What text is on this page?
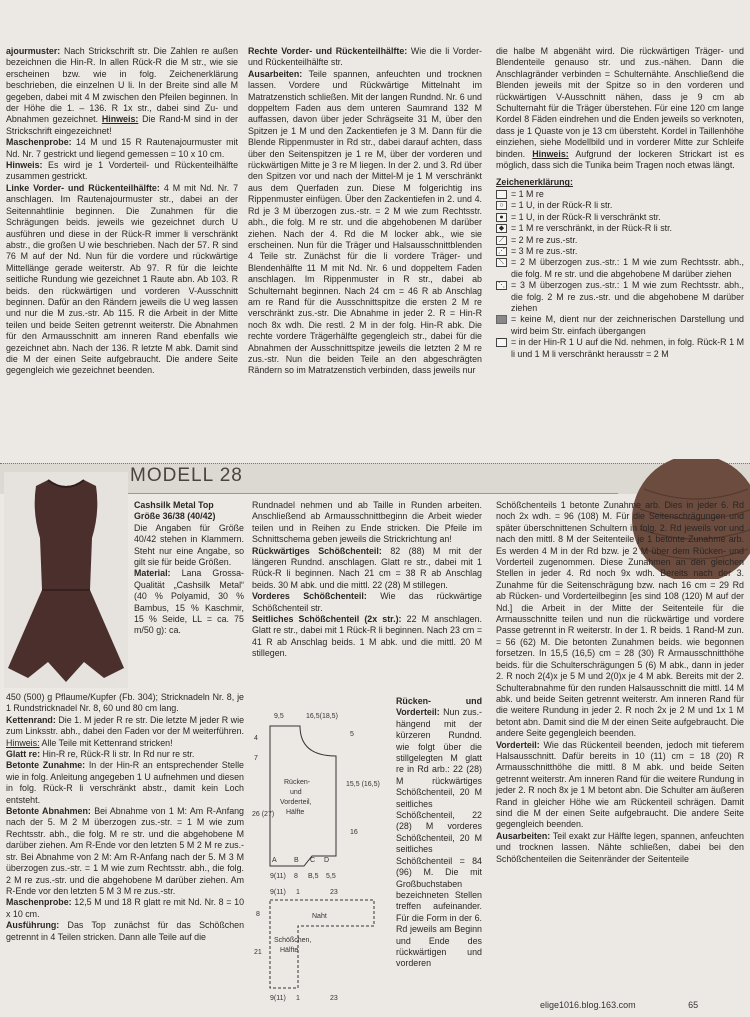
ajourmuster: Nach Strickschrift str. Die Zahlen re außen bezeichnen die Hin-R. In allen Rück-R die M str., wie sie erscheinen bzw. wie in folg. Zeichenerklärung beschrieben, die einzelnen U li. In der Breite sind alle M gegeben, dabei mit 4 M zwischen den Pfeilen beginnen. In der Höhe die 1. – 136. R 1x str., dabei sind Zu- und Abnahmen gezeichnet. Hinweis: Die Rand-M sind in der Strickschrift eingezeichnet!

Maschenprobe: 14 M und 15 R Rautenajourmuster mit Nd. Nr. 7 gestrickt und liegend gemessen = 10 x 10 cm.

Hinweis: Es wird je 1 Vorderteil- und Rückenteilhälfte zusammen gestrickt.

Linke Vorder- und Rückenteilhälfte: 4 M mit Nd. Nr. 7 anschlagen. Im Rautenajourmuster str., dabei an der Seitennahtlinie beginnen. Die Zunahmen für die Schrägungen beids. jeweils wie gezeichnet durch U ausführen und diese in der Rück-R immer li verschränkt abstr., die großen U wie beschrieben. Nach der 57. R sind 76 M auf der Nd. Nun für die vordere und rückwärtige Mittellänge gerade weiterstr. Ab 97. R für die leichte seitliche Rundung wie gezeichnet 1 Raute abn. Ab 103. R beids. den rückwärtigen und vorderen V-Ausschnitt beginnen. Dafür an den Rändern jeweils die U weg lassen und nur die M zus.-str. Ab 115. R die Arbeit in der Mitte teilen und beide Seiten getrennt weiterstr. Die Abnahmen für den Armausschnitt am inneren Rand ebenfalls wie gezeichnet abn. Nach der 136. R letzte M abk. Damit sind die M der einen Seite aufgebraucht. Die andere Seite gegengleich wie gezeichnet beenden.

Rechte Vorder- und Rückenteilhälfte: Wie die li Vorder- und Rückenteilhälfte str.

Ausarbeiten: Teile spannen, anfeuchten und trocknen lassen. Vordere und Rückwärtige Mittelnaht im Matratzenstich schließen. Mit der langen Rundnd. Nr. 6 und doppeltem Faden aus dem unteren Saumrand 132 M auffassen, davon über jeder Schrägseite 31 M, über den Spitzen je 1 M und den Zackentiefen je 3 M. Dann für die Blende Rippenmuster in Rd str., dabei darauf achten, dass über den Seitenspitzen je 1 re M, über der vorderen und rückwärtigen Mitte je 3 re M liegen. In der 2. und 3. Rd über den Spitzen vor und nach der Mittel-M je 1 M verschränkt aus dem Querfaden zun. Diese M folgerichtig ins Rippenmuster einfügen. Über den Zackentiefen in 2. und 4. Rd je 3 M überzogen zus.-str. = 2 M wie zum Rechtsstr. abh., die folg. M re str. und die abgehobenen M darüber ziehen. Nach der 4. Rd die M locker abk., wie sie erscheinen. Nun für die Träger und Halsausschnittblenden 4 Teile str. Zunächst für die li vordere Träger- und Blendenhälfte 11 M mit Nd. Nr. 6 und doppeltem Faden anschlagen. Im Rippenmuster in R str., dabei ab Schulternaht beginnen. Nach 24 cm = 46 R ab Anschlag am re Rand für die Ausschnittspitze die ersten 2 M re verschränkt zus.-str. Die Abnahme in jeder 2. R = Hin-R noch 8x wdh. Die restl. 2 M in der folg. Hin-R abk. Die rechte vordere Trägerhälfte gegengleich str., dabei für die Abnahmen der Ausschnittspitze jeweils die letzten 2 M re zus.-str. Nun die beiden Teile an den abgeschrägten Rändern so im Matratzenstich verbinden, dass jeweils nur

die halbe M abgenäht wird. Die rückwärtigen Träger- und Blendenteile genauso str. und zus.-nähen. Dann die Anschlagränder verbinden = Schulternähte. Anschließend die Blenden jeweils mit der Spitze so in den vorderen und rückwärtigen V-Ausschnitt nähen, dass je 9 cm ab Schulternaht für die Träger überstehen. Für eine 120 cm lange Kordel 8 Fäden eindrehen und die Enden jeweils so verknoten, dass je 1 Quaste von je 13 cm übersteht. Kordel in Taillenhöhe einziehen, siehe Modellbild und in vorderer Mitte zur Schleife binden. Hinweis: Aufgrund der lockeren Strickart ist es möglich, dass sich die Tunika beim Tragen noch etwas längt.

Zeichenerklärung:

= 1 M re
○ = 1 U, in der Rück-R li str.
● = 1 U, in der Rück-R li verschränkt str.
◆ = 1 M re verschränkt, in der Rück-R li str.
⟋ = 2 M re zus.-str.
⋰ = 3 M re zus.-str.
⟍ = 2 M überzogen zus.-str.: 1 M wie zum Rechtsstr. abh., die folg. M re str. und die abgehobene M darüber ziehen
⋱ = 3 M überzogen zus.-str.: 1 M wie zum Rechtsstr. abh., die folg. 2 M re zus.-str. und die abgehobene M darüber ziehen
= keine M, dient nur der zeichnerischen Darstellung und wird beim Str. einfach übergangen
⌒ = in der Hin-R 1 U auf die Nd. nehmen, in folg. Rück-R 1 M li und 1 M li verschränkt herausstr = 2 M
MODELL 28

Cashsilk Metal Top

Größe 36/38 (40/42)

Die Angaben für Größe 40/42 stehen in Klammern. Steht nur eine Angabe, so gilt sie für beide Größen.

Material: Lana Grossa-Qualität „Cashsilk Metal“ (40 % Polyamid, 30 % Bambus, 15 % Kaschmir, 15 % Seide, LL = ca. 75 m/50 g): ca.

450 (500) g Pflaume/Kupfer (Fb. 304); Stricknadeln Nr. 8, je 1 Rundstricknadel Nr. 8, 60 und 80 cm lang.

Kettenrand: Die 1. M jeder R re str. Die letzte M jeder R wie zum Linksstr. abh., dabei den Faden vor der M weiterführen. Hinweis: Alle Teile mit Kettenrand stricken!

Glatt re: Hin-R re, Rück-R li str. In Rd nur re str.

Betonte Zunahme: In der Hin-R an entsprechender Stelle wie in folg. Anleitung angegeben 1 U aufnehmen und diesen in folg. Rück-R li verschränkt abstr., damit kein Loch entsteht.

Betonte Abnahmen: Bei Abnahme von 1 M: Am R-Anfang nach der 5. M 2 M überzogen zus.-str. = 1 M wie zum Rechtsstr. abh., die folg. M re str. und die abgehobene M darüber ziehen. Am R-Ende vor den letzten 5 M 2 M re zus.-str. Bei Abnahme von 2 M: Am R-Anfang nach der 5. M 3 M überzogen zus.-str. = 1 M wie zum Rechtsstr. abh., die folg. 2 M re zus.-str. und die abgehobene M darüber ziehen. Am R-Ende vor den letzten 5 M 3 M re zus.-str.

Maschenprobe: 12,5 M und 18 R glatt re mit Nd. Nr. 8 = 10 x 10 cm.

Ausführung: Das Top zunächst für das Schößchen getrennt in 4 Teilen stricken. Dann alle Teile auf die

Rundnadel nehmen und ab Taille in Runden arbeiten. Anschließend ab Armausschnittbeginn die Arbeit wieder teilen und in Reihen zu Ende stricken. Die Pfeile im Schnittschema geben jeweils die Strickrichtung an!

Rückwärtiges Schößchenteil: 82 (88) M mit der längeren Rundnd. anschlagen. Glatt re str., dabei mit 1 Rück-R li beginnen. Nach 21 cm = 38 R ab Anschlag beids. 30 M abk. und die mittl. 22 (28) M stillegen.

Vorderes Schößchenteil: Wie das rückwärtige Schößchenteil str.

Seitliches Schößchenteil (2x str.): 22 M anschlagen. Glatt re str., dabei mit 1 Rück-R li beginnen. Nach 23 cm = 41 R ab Anschlag beids. 1 M abk. und die mittl. 20 M stillegen.

Rücken- und Vorderteil: Nun zus.-hängend mit der kürzeren Rundnd. wie folgt über die stillgelegten M glatt re in Rd arb.: 22 (28) M rückwärtiges Schößchenteil, 20 M seitliches Schößchenteil, 22 (28) M vorderes Schößchenteil, 20 M seitliches Schößchenteil = 84 (96) M. Die mit Großbuchstaben bezeichneten Stellen treffen aufeinander. Für die Form in der 6. Rd jeweils am Beginn und Ende des rückwärtigen und vorderen

9,5	16,5(18,5)
4
7
26 (27)
5
15,5 (16,5)
16
Rücken-
und
Vorderteil,
Hälfte
A B C D
9(11) 8 B,5 5,5
9(11) 1	23
Naht
Schößchen,
Hälfte
8
21
9(11) 1	23

Schößchenteils 1 betonte Zunahme arb. Dies in jeder 6. Rd noch 2x wdh. = 96 (108) M. Für die Seitenschrägungen und später überschnittenen Schultern in folg. 2. Rd jeweils vor und nach den mittl. 8 M der Seitenteile je 1 betonte Zunahme arb. Es werden 4 M in der Rd bzw. je 2 M über dem Rücken- und Vorderteil zugenommen. Diese Zunahmen an den gleichen Stellen in jeder 4. Rd noch 9x wdh. Bereits nach der 3. Zunahme für die Seitenschrägung bzw. nach 16 cm = 29 Rd ab Rücken- und Vorderteilbeginn [es sind 108 (120) M auf der Nd.] die Arbeit in der Mitte der Seitenteile für die Armausschnitte teilen und nun die rückwärtige und vordere Passe getrennt in R weiterstr. In der 1. R beids. 1 Rand-M zun. = 56 (62) M. Die betonten Zunahmen beids. wie begonnen forsetzen. In 15,5 (16,5) cm = 28 (30) R Armausschnitthöhe beids. für die Schulterschrägungen 5 (6) M abk., dann in jeder 2. R noch 2(4)x je 5 M und 2(0)x je 4 M abk. Bereits mit der 2. Schulterabnahme für den runden Halsausschnitt die mittl. 14 M abk. und beide Seiten getrennt weiterstr. Am inneren Rand für die weitere Rundung in jeder 2. R noch 2x je 2 M und 1x 1 M betont abn. Damit sind die M der einen Seite aufgebraucht. Die andere Seite gegengleich beenden.

Vorderteil: Wie das Rückenteil beenden, jedoch mit tieferem Halsausschnitt. Dafür bereits in 10 (11) cm = 18 (20) R Armausschnitthöhe die mittl. 8 M abk. und beide Seiten getrennt weiterstr. Am inneren Rand für die weitere Rundung in jeder 2. R noch 8x je 1 M betont abn. Die Schulter am äußeren Rand in gleicher Höhe wie am Rückenteil schrägen. Damit sind die M der einen Seite aufgebraucht. Die andere Seite gegengleich beenden.

Ausarbeiten: Teil exakt zur Hälfte legen, spannen, anfeuchten und trocknen lassen. Nähte schließen, dabei bei den Schößchenteilen die Seitenränder der Seitenteile

elige1016.blog.163.com	65
